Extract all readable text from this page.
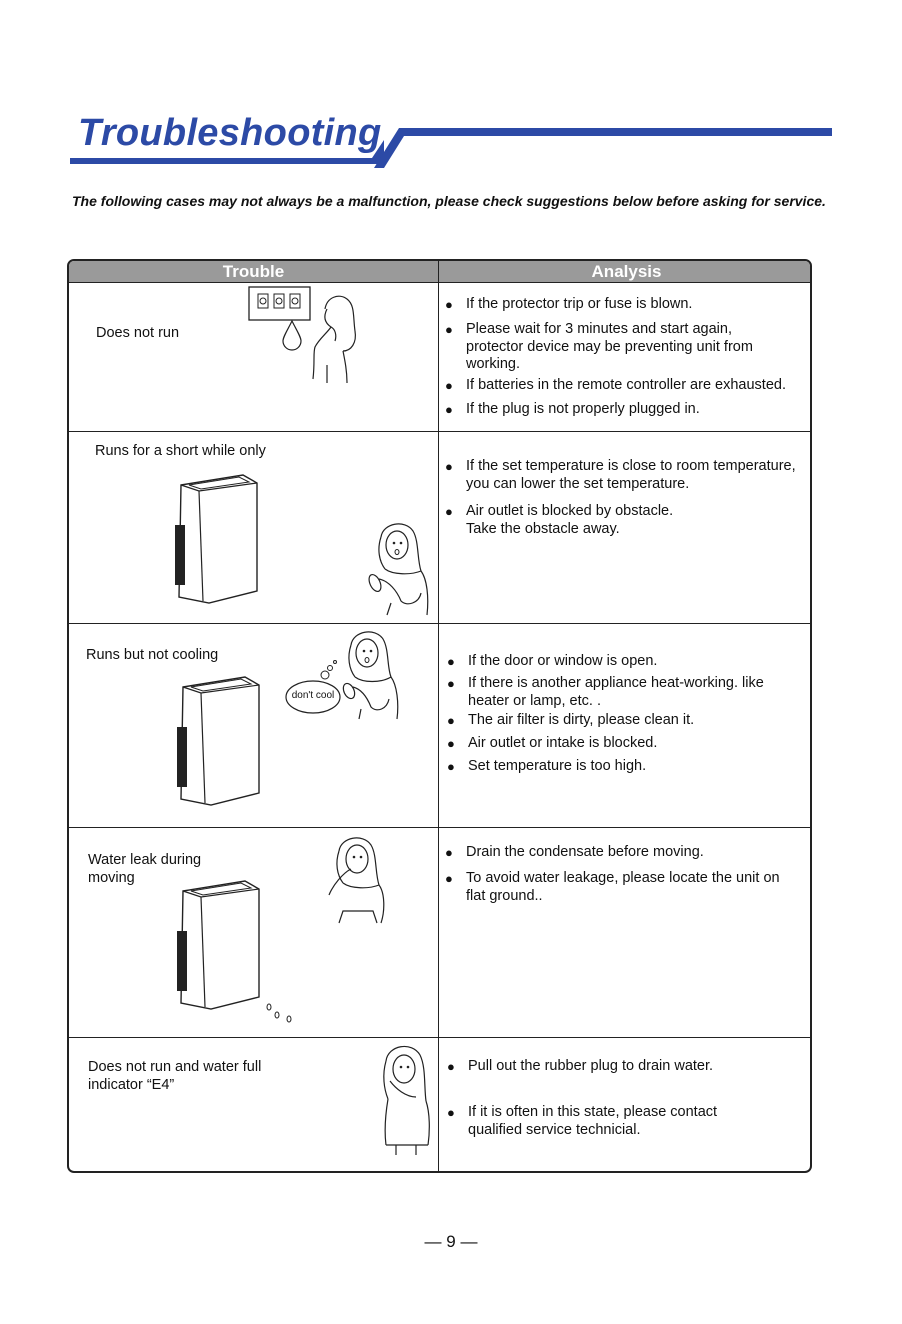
Troubleshooting
The following cases may not always be a malfunction, please check suggestions below before asking for service.
Trouble	Analysis
Does not run
● If the protector trip or fuse is blown.
● Please wait for 3 minutes and start again, protector device may be preventing unit from working.
● If batteries in the remote controller are exhausted.
● If the plug is not properly plugged in.
Runs for a short while only
● If the set temperature is close to room temperature, you can lower the set temperature.
● Air outlet is blocked by obstacle. Take the obstacle away.
Runs but not cooling
don't cool
● If the door or window is open.
● If there is another appliance heat-working. like heater or lamp, etc. .
● The air filter is dirty, please clean it.
● Air outlet or intake is blocked.
● Set temperature is too high.
Water leak during moving
● Drain the condensate before moving.
● To avoid water leakage, please locate the unit on flat ground..
Does not run and water full indicator “E4”
● Pull out the rubber plug to drain water.
● If it is often in this state, please contact qualified service technicial.
— 9 —
